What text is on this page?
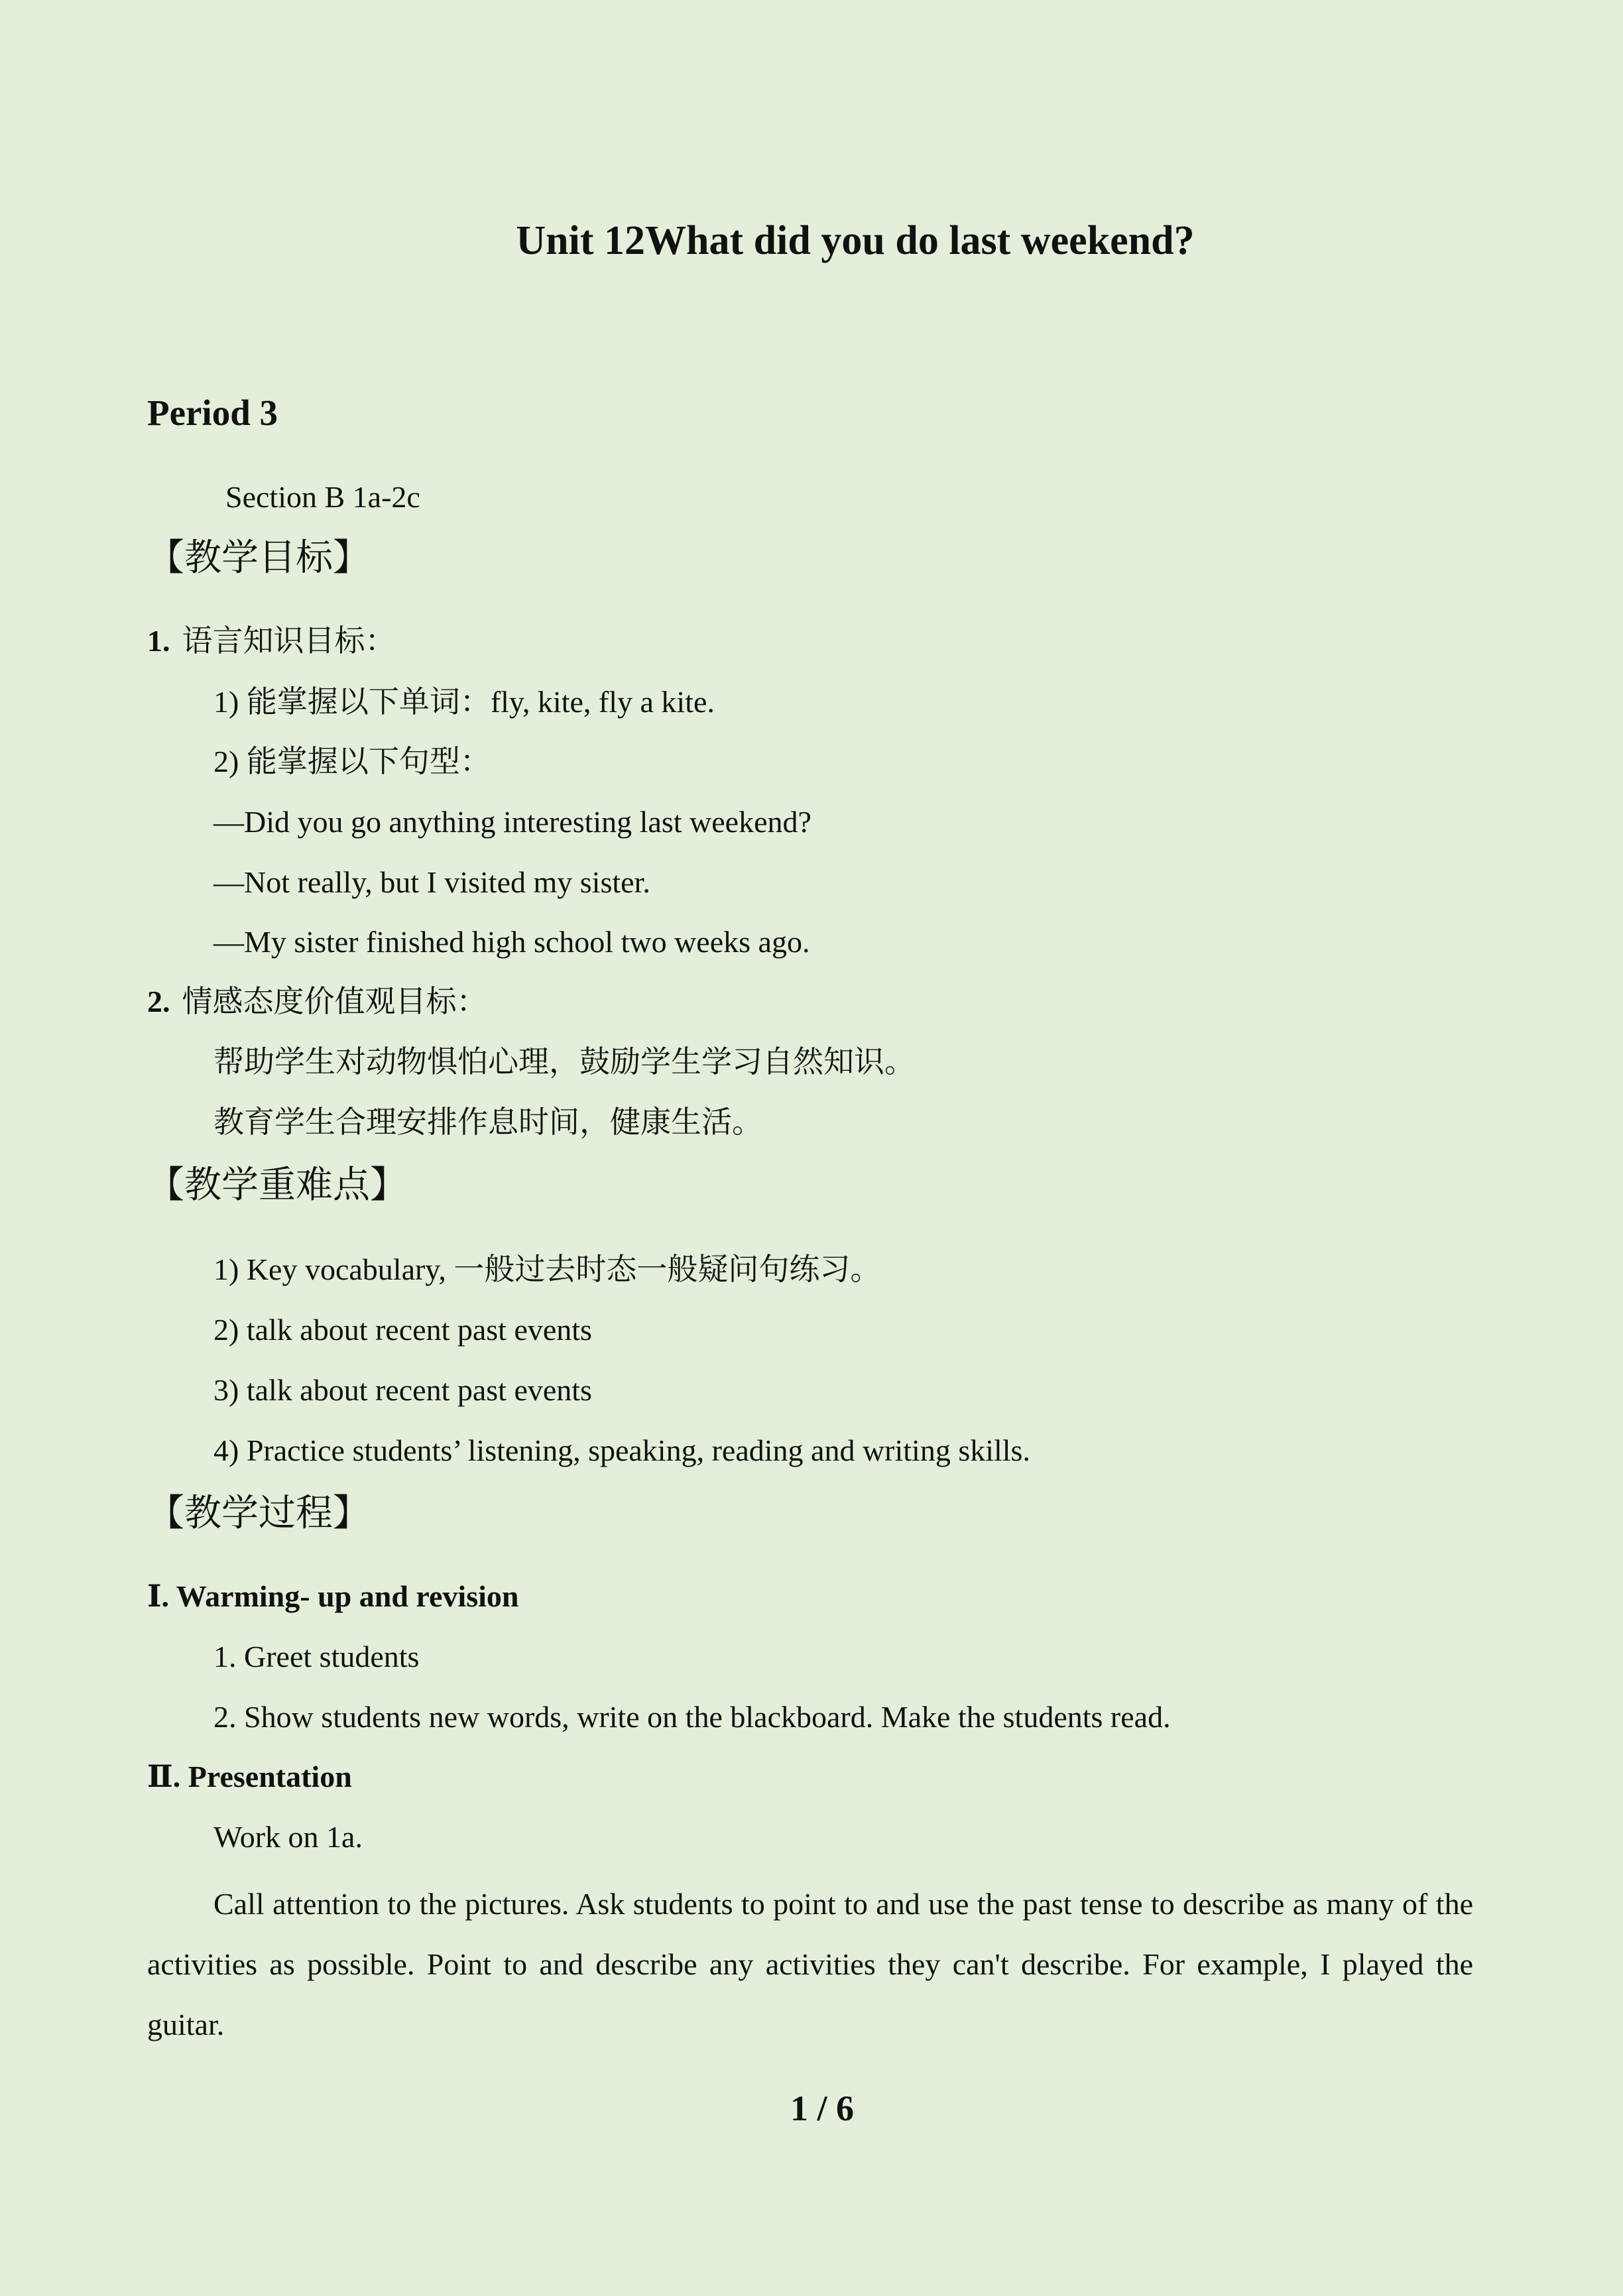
Unit 12What did you do last weekend?
Period 3
Section B 1a-2c
【教学目标】
1. 语言知识目标：
1) 能掌握以下单词：fly, kite, fly a kite.
2) 能掌握以下句型：
—Did you go anything interesting last weekend?
—Not really, but I visited my sister.
—My sister finished high school two weeks ago.
2. 情感态度价值观目标：
帮助学生对动物惧怕心理，鼓励学生学习自然知识。
教育学生合理安排作息时间，健康生活。
【教学重难点】
1) Key vocabulary, 一般过去时态一般疑问句练习。
2) talk about recent past events
3) talk about recent past events
4) Practice students’ listening, speaking, reading and writing skills.
【教学过程】
Ⅰ. Warming- up and revision
1. Greet students
2. Show students new words, write on the blackboard. Make the students read.
Ⅱ. Presentation
Work on 1a.
Call attention to the pictures. Ask students to point to and use the past tense to describe as many of the activities as possible. Point to and describe any activities they can't describe. For example, I played the guitar.
1 / 6
